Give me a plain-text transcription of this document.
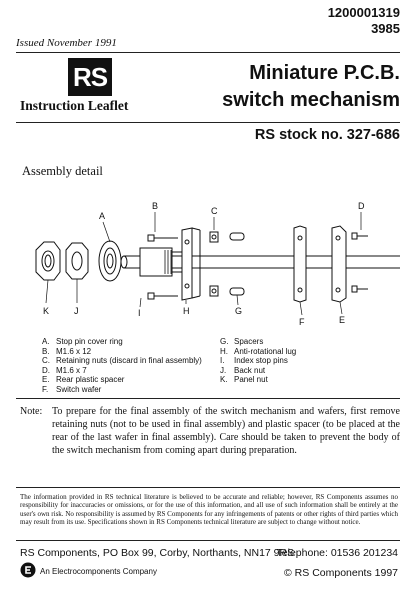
1200001319
3985
Issued November 1991
RS
Instruction Leaflet
Miniature P.C.B.
switch mechanism
RS stock no. 327-686
Assembly detail
A
B	C	D
E
F
G
H
I
J
K
A. Stop pin cover ring
B. M1.6 x 12
C. Retaining nuts (discard in final assembly)
D. M1.6 x 7
E. Rear plastic spacer
F. Switch wafer
G. Spacers
H. Anti-rotational lug
I.	Index stop pins
J. Back nut
K. Panel nut
Note: To prepare for the final assembly of the switch mechanism and wafers, first remove retaining nuts (not to be used in final assembly) and plastic spacer (to be placed at the rear of the last wafer in final assembly). Care should be taken to prevent the body of the switch mechanism from coming apart during preparation.
The information provided in RS technical literature is believed to be accurate and reliable; however, RS Components assumes no responsibility for inaccuracies or omissions, or for the use of this information, and all use of such information shall be entirely at the user's own risk. No responsibility is assumed by RS Components for any infringements of patents or other rights of third parties which may result from its use. Specifications shown in RS Components technical literature are subject to change without notice.
RS Components, PO Box 99, Corby, Northants, NN17 9RS
Telephone: 01536 201234
An Electrocomponents Company	© RS Components 1997
